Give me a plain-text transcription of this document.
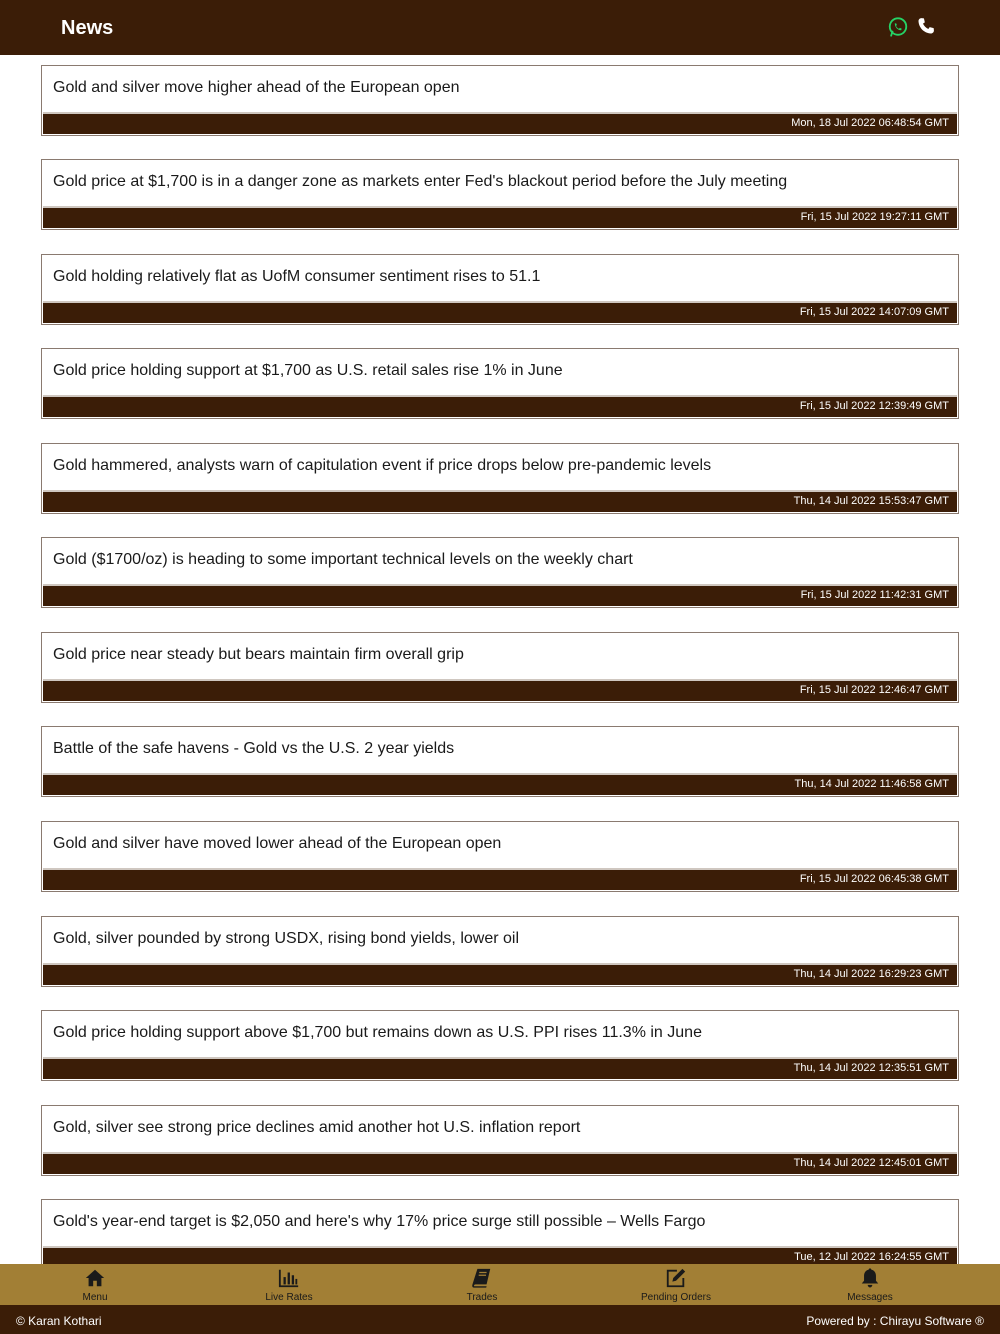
News
Gold and silver move higher ahead of the European open
Mon, 18 Jul 2022 06:48:54 GMT
Gold price at $1,700 is in a danger zone as markets enter Fed's blackout period before the July meeting
Fri, 15 Jul 2022 19:27:11 GMT
Gold holding relatively flat as UofM consumer sentiment rises to 51.1
Fri, 15 Jul 2022 14:07:09 GMT
Gold price holding support at $1,700 as U.S. retail sales rise 1% in June
Fri, 15 Jul 2022 12:39:49 GMT
Gold hammered, analysts warn of capitulation event if price drops below pre-pandemic levels
Thu, 14 Jul 2022 15:53:47 GMT
Gold ($1700/oz) is heading to some important technical levels on the weekly chart
Fri, 15 Jul 2022 11:42:31 GMT
Gold price near steady but bears maintain firm overall grip
Fri, 15 Jul 2022 12:46:47 GMT
Battle of the safe havens - Gold vs the U.S. 2 year yields
Thu, 14 Jul 2022 11:46:58 GMT
Gold and silver have moved lower ahead of the European open
Fri, 15 Jul 2022 06:45:38 GMT
Gold, silver pounded by strong USDX, rising bond yields, lower oil
Thu, 14 Jul 2022 16:29:23 GMT
Gold price holding support above $1,700 but remains down as U.S. PPI rises 11.3% in June
Thu, 14 Jul 2022 12:35:51 GMT
Gold, silver see strong price declines amid another hot U.S. inflation report
Thu, 14 Jul 2022 12:45:01 GMT
Gold's year-end target is $2,050 and here's why 17% price surge still possible – Wells Fargo
Tue, 12 Jul 2022 16:24:55 GMT
Menu	Live Rates	Trades	Pending Orders	Messages
© Karan Kothari	Powered by : Chirayu Software ®
